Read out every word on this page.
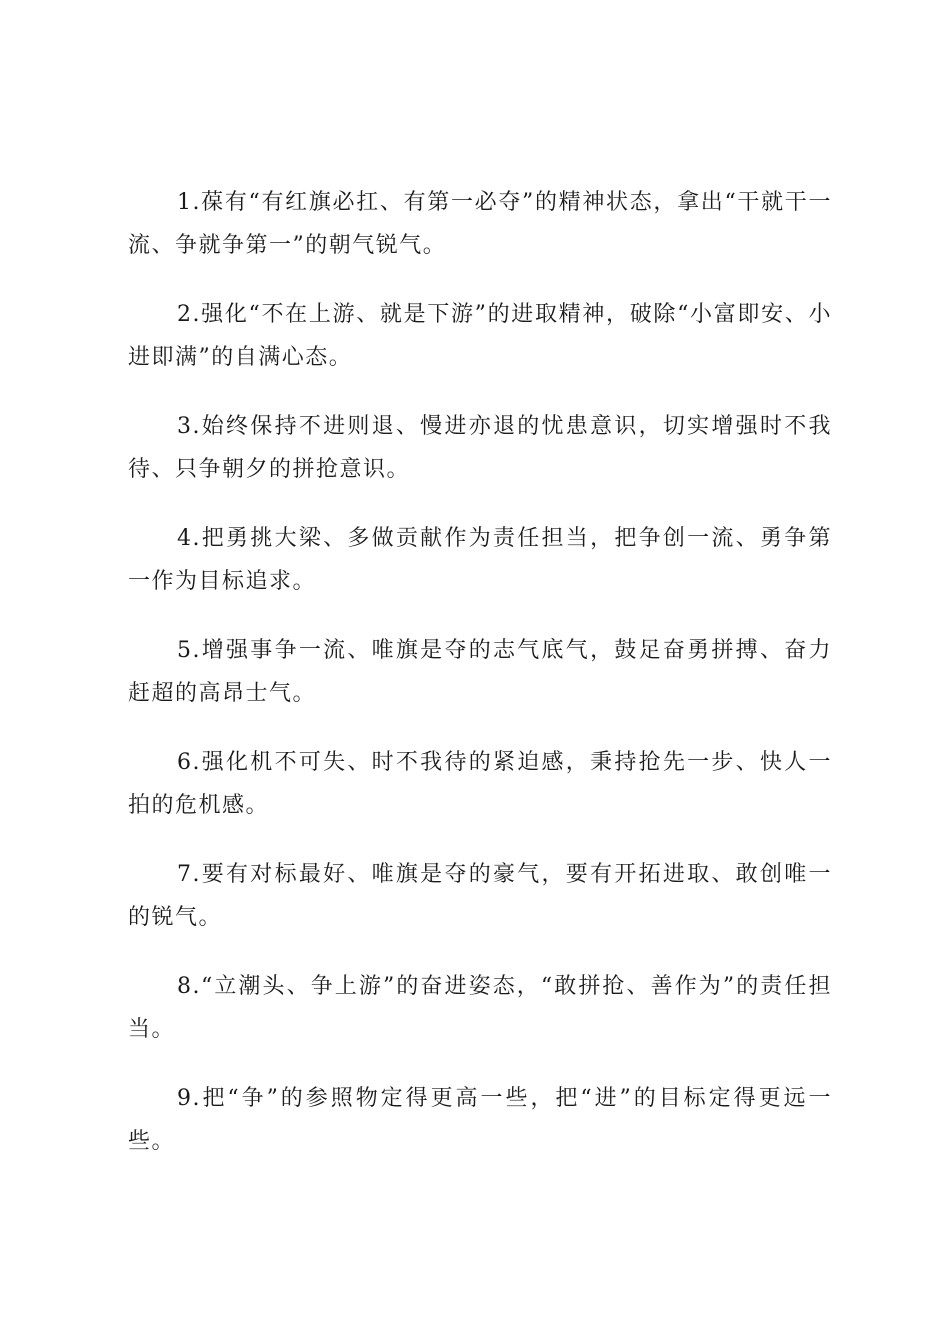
1.葆有“有红旗必扛、有第一必夺”的精神状态，拿出“干就干一流、争就争第一”的朝气锐气。

2.强化“不在上游、就是下游”的进取精神，破除“小富即安、小进即满”的自满心态。

3.始终保持不进则退、慢进亦退的忧患意识，切实增强时不我待、只争朝夕的拼抢意识。

4.把勇挑大梁、多做贡献作为责任担当，把争创一流、勇争第一作为目标追求。

5.增强事争一流、唯旗是夺的志气底气，鼓足奋勇拼搏、奋力赶超的高昂士气。

6.强化机不可失、时不我待的紧迫感，秉持抢先一步、快人一拍的危机感。

7.要有对标最好、唯旗是夺的豪气，要有开拓进取、敢创唯一的锐气。

8.“立潮头、争上游”的奋进姿态，“敢拼抢、善作为”的责任担当。

9.把“争”的参照物定得更高一些，把“进”的目标定得更远一些。
